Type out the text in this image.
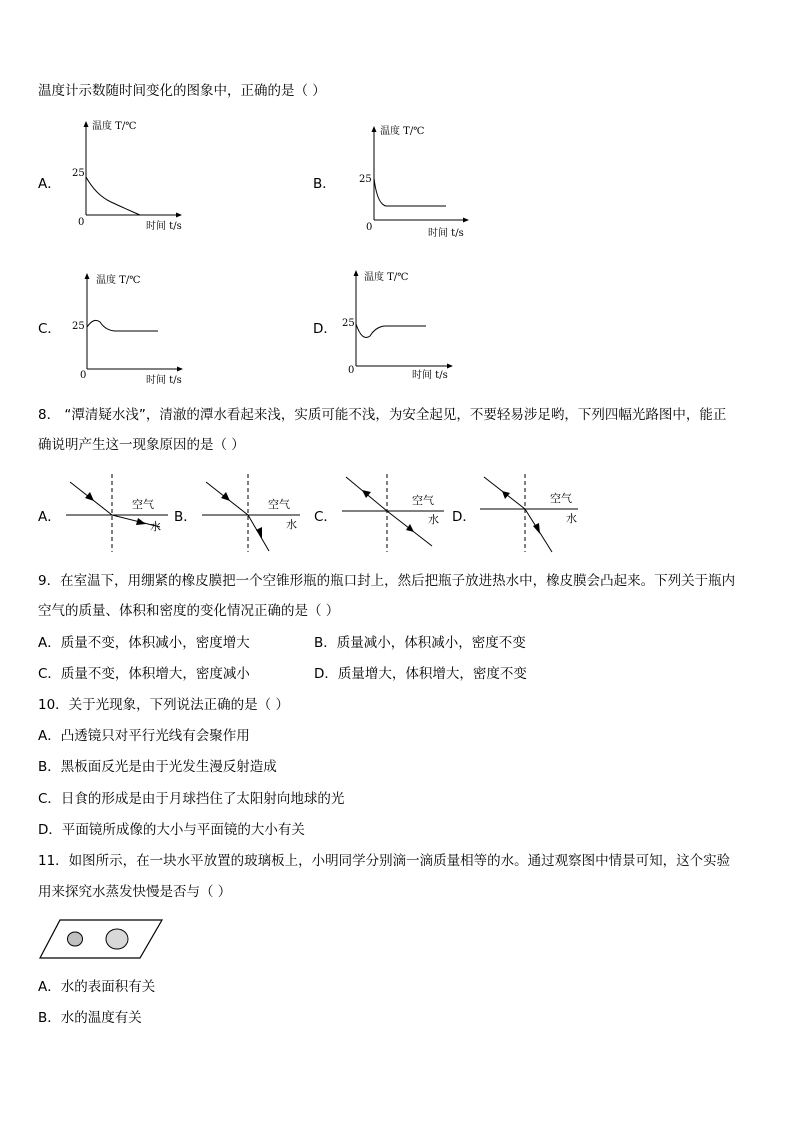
温度计示数随时间变化的图象中，正确的是（ ）
A．
温度 T/℃
25
0	时间 t/s
B．
温度 T/℃
25
0
时间 t/s
C．
温度 T/℃
25
0	时间 t/s
D．
温度 T/℃
25
0	时间 t/s
8． “潭清疑水浅”，清澈的潭水看起来浅，实质可能不浅，为安全起见，不要轻易涉足哟，下列四幅光路图中，能正
确说明产生这一现象原因的是（ ）
A．
空气
水
B．
空气
水 C．
空气
水 D．
空气
水
9．在室温下，用绷紧的橡皮膜把一个空锥形瓶的瓶口封上，然后把瓶子放进热水中，橡皮膜会凸起来。下列关于瓶内
空气的质量、体积和密度的变化情况正确的是（ ）
A．质量不变，体积减小，密度增大	B．质量减小，体积减小，密度不变
C．质量不变，体积增大，密度减小	D．质量增大，体积增大，密度不变
10．关于光现象，下列说法正确的是（ ）
A．凸透镜只对平行光线有会聚作用
B．黑板面反光是由于光发生漫反射造成
C．日食的形成是由于月球挡住了太阳射向地球的光
D．平面镜所成像的大小与平面镜的大小有关
11．如图所示，在一块水平放置的玻璃板上，小明同学分别滴一滴质量相等的水。通过观察图中情景可知，这个实验
用来探究水蒸发快慢是否与（ ）
A．水的表面积有关
B．水的温度有关
